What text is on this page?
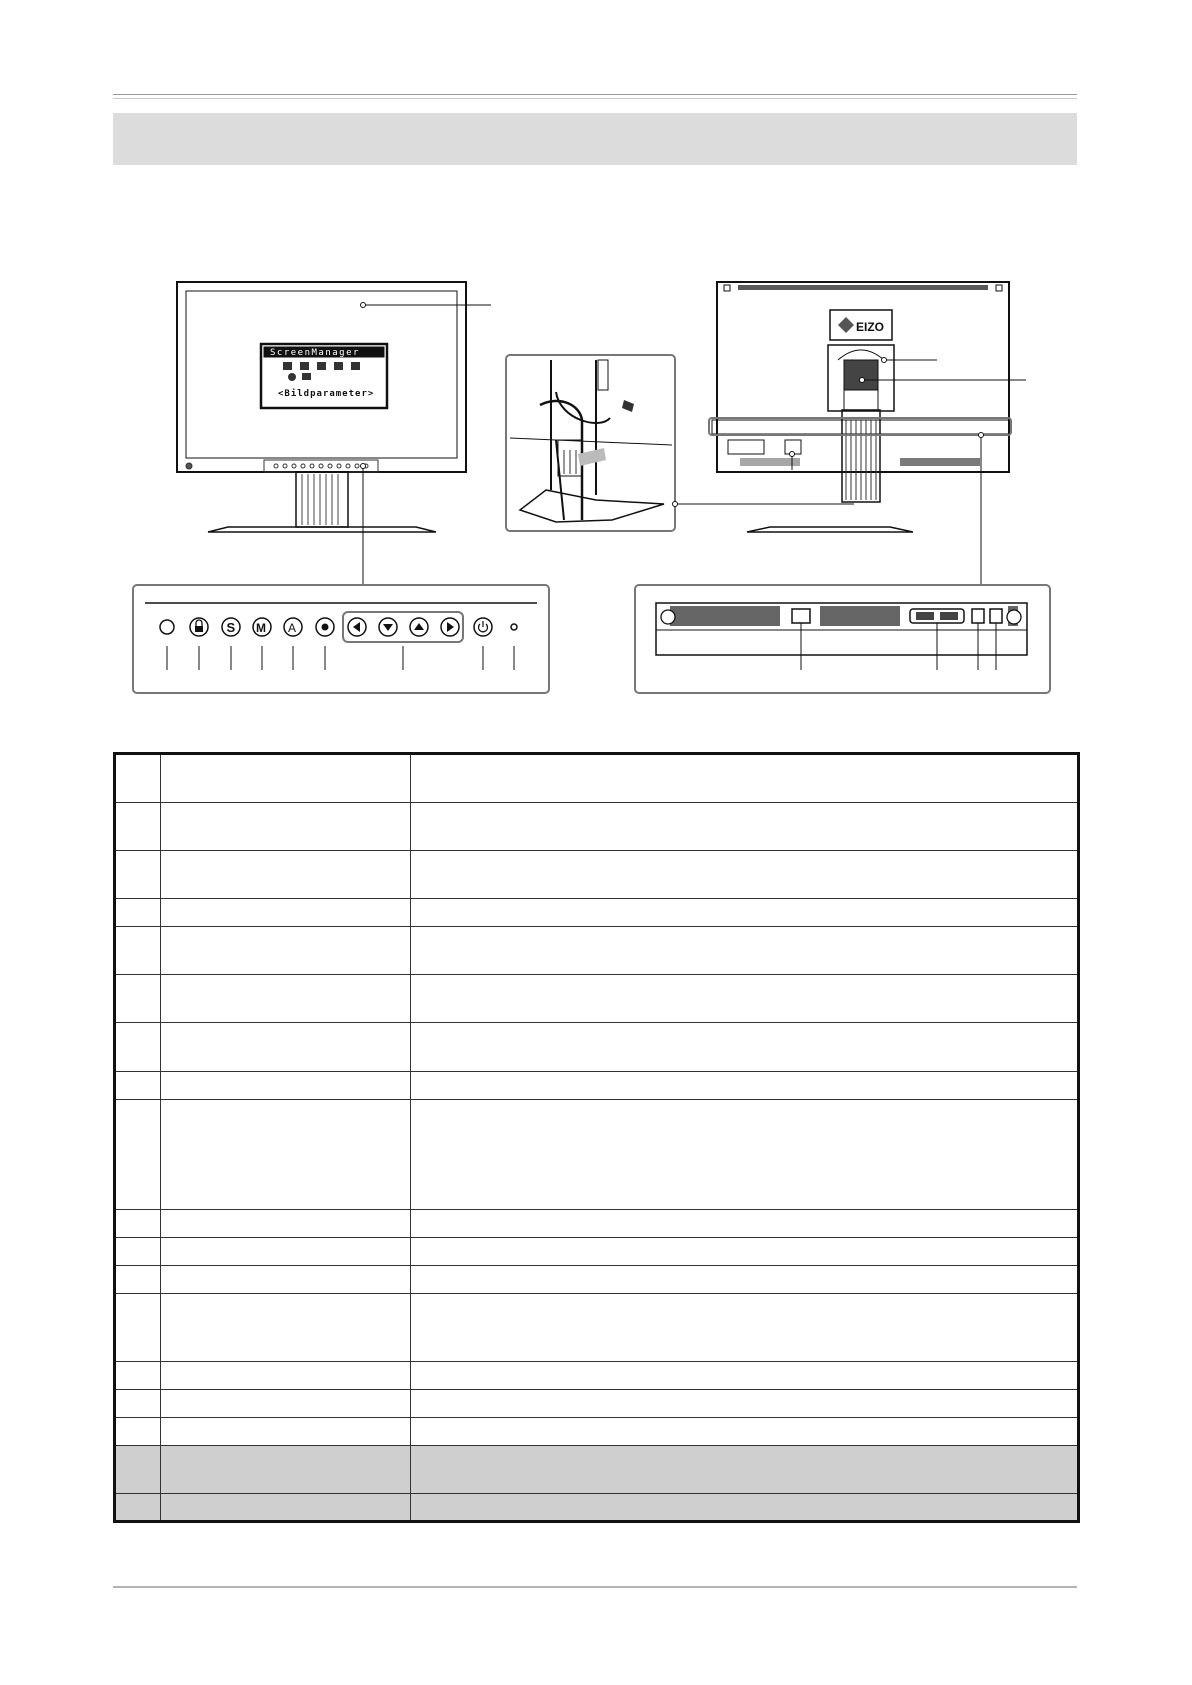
ScreenManager
<Bildparameter>
EIZO
S M A
